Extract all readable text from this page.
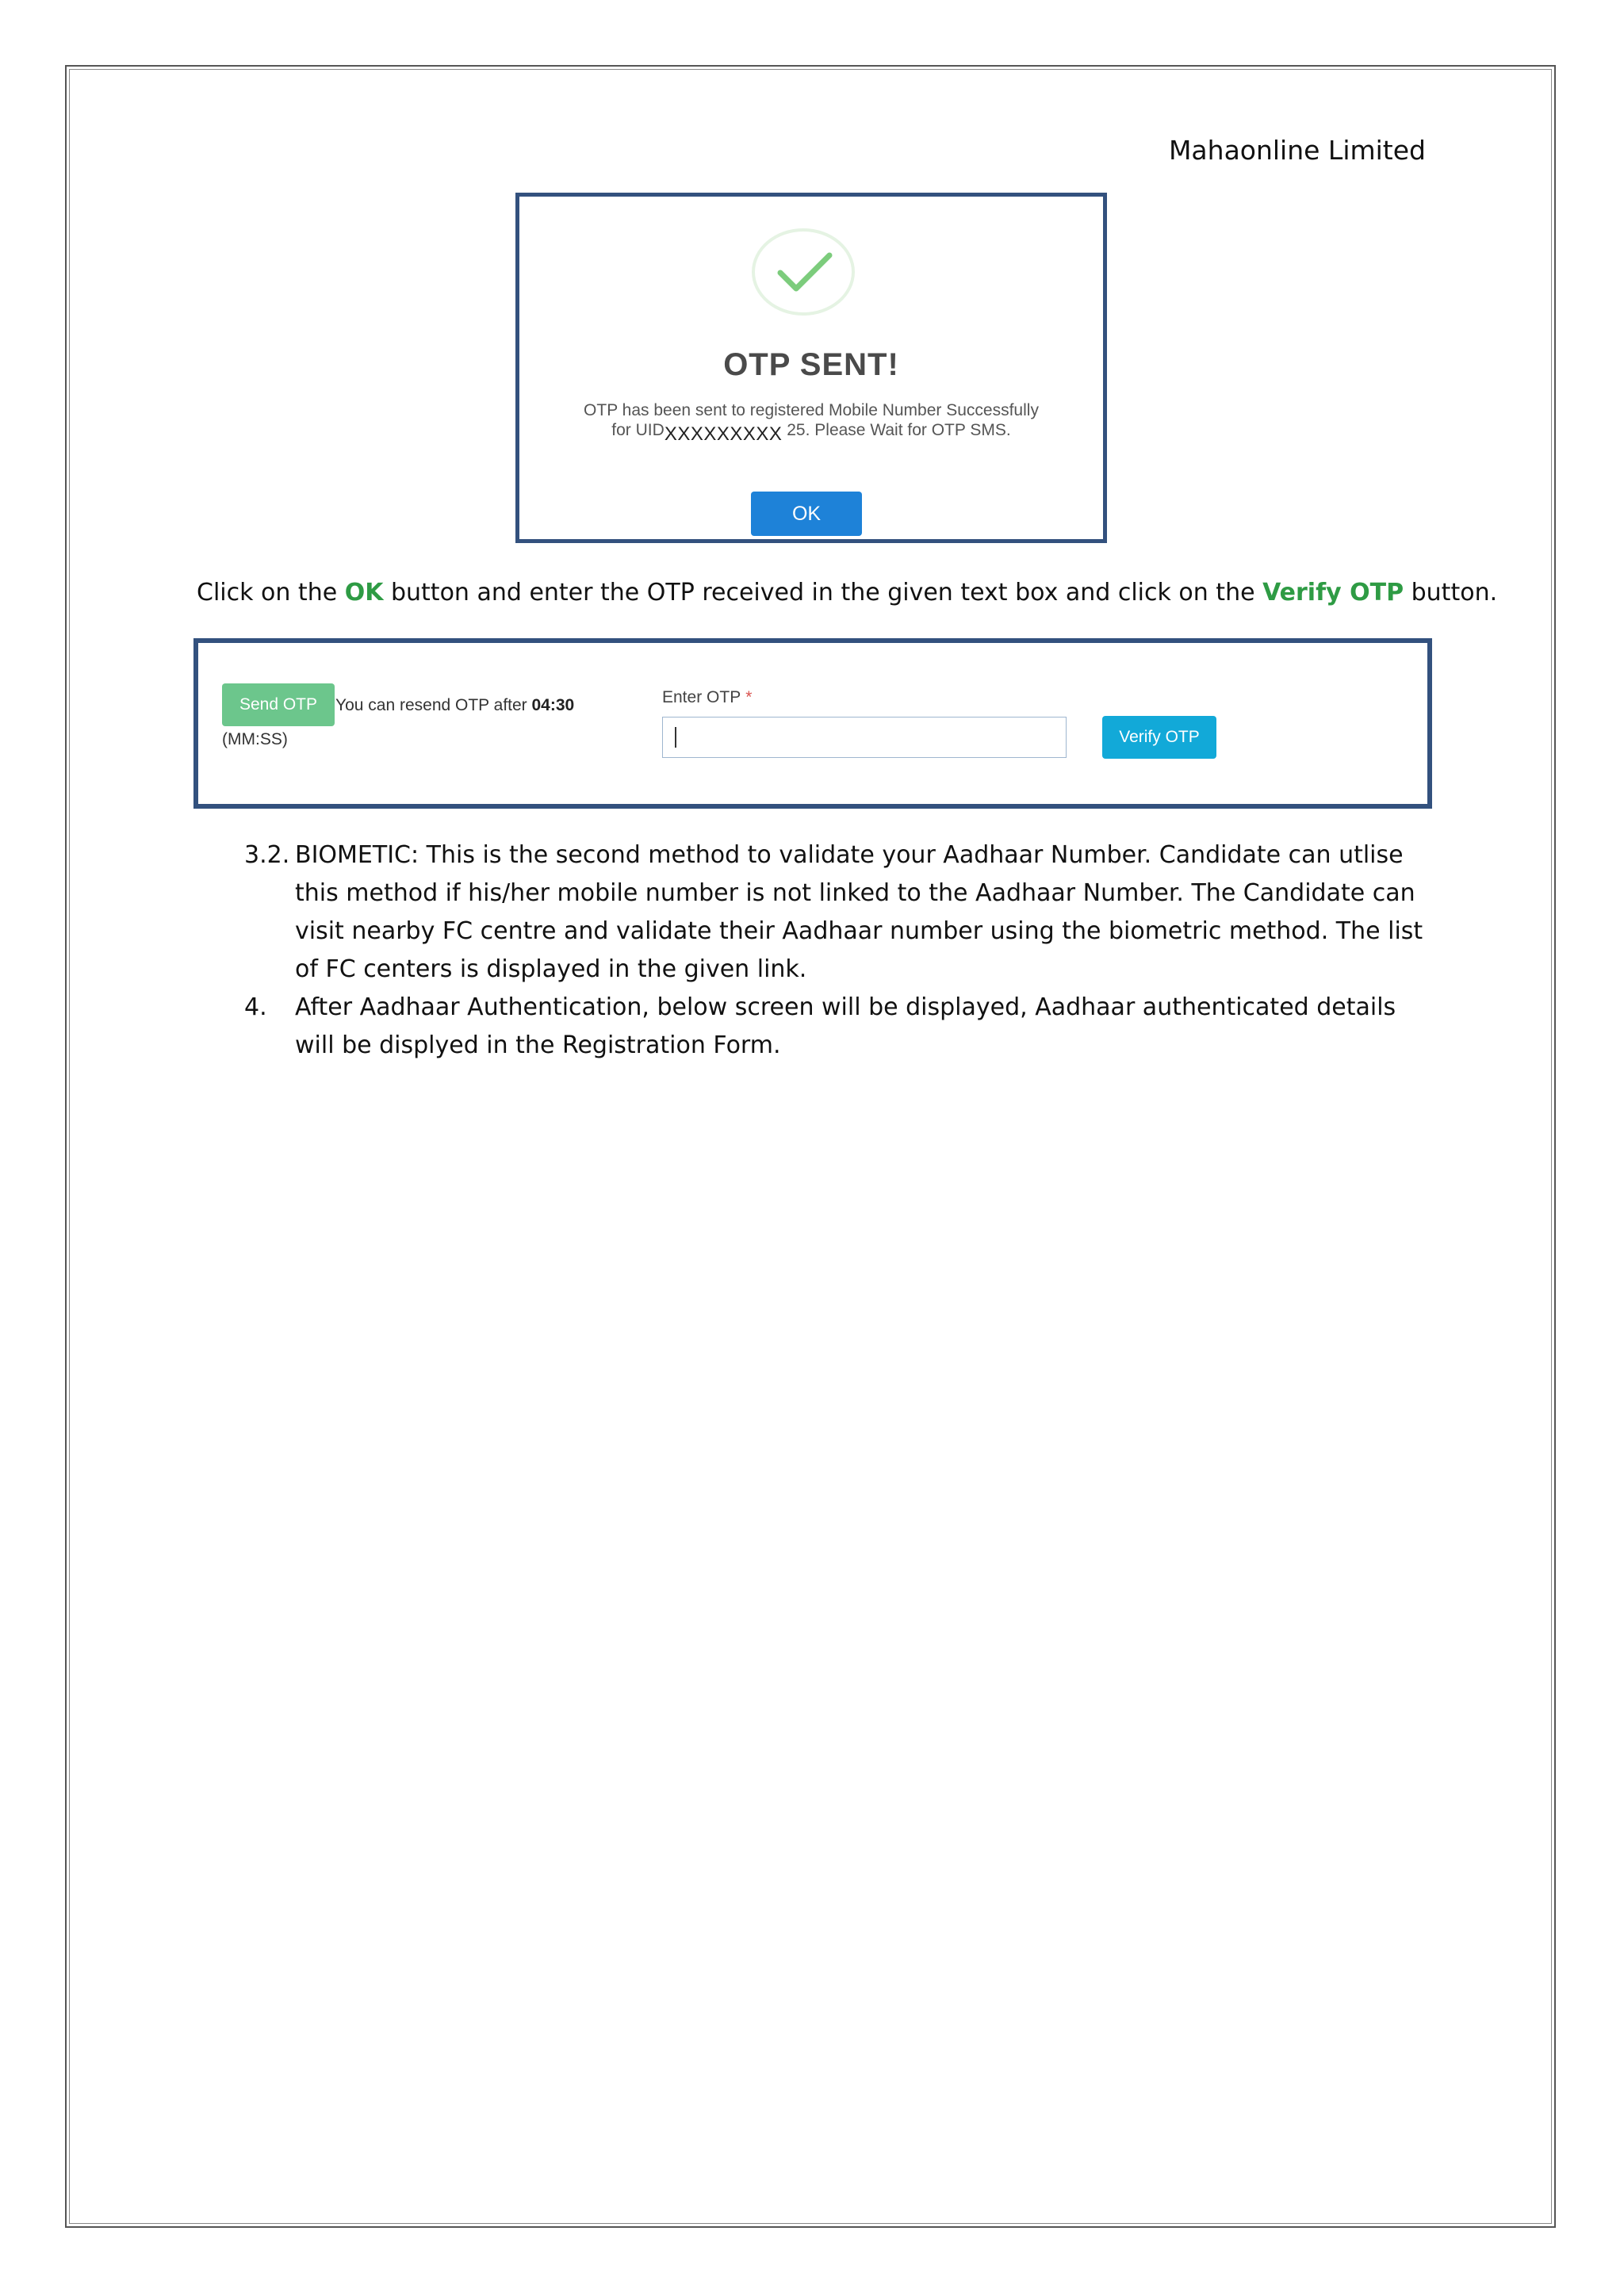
Mahaonline Limited
OTP SENT!
OTP has been sent to registered Mobile Number Successfully
for UIDXXXXXXXXX 25. Please Wait for OTP SMS.
OK
Click on the OK button and enter the OTP received in the given text box and click on the Verify OTP button.
Send OTP	You can resend OTP after 04:30
(MM:SS)
Enter OTP *
Verify OTP
3.2. BIOMETIC: This is the second method to validate your Aadhaar Number. Candidate can utlise this method if his/her mobile number is not linked to the Aadhaar Number. The Candidate can visit nearby FC centre and validate their Aadhaar number using the biometric method. The list of FC centers is displayed in the given link.
4. After Aadhaar Authentication, below screen will be displayed, Aadhaar authenticated details will be displyed in the Registration Form.
